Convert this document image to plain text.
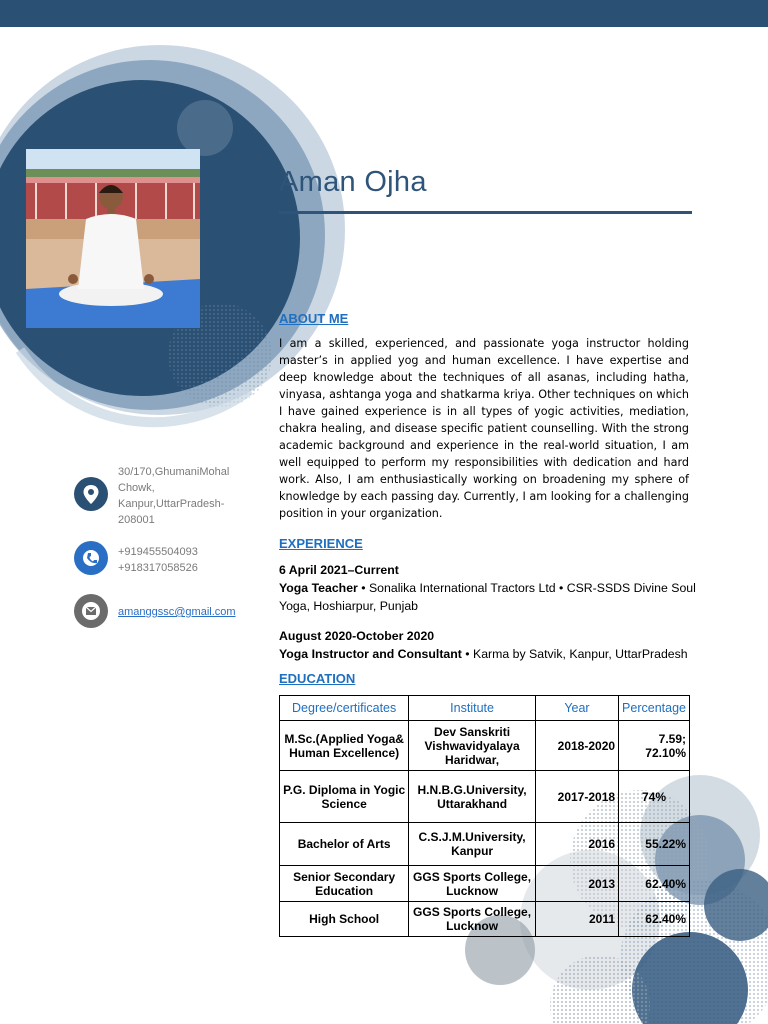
Aman Ojha
30/170,GhumaniMohal
Chowk,
Kanpur,UttarPradesh-
208001
+919455504093
+918317058526
amanggssc@gmail.com
ABOUT ME
I am a skilled, experienced, and passionate yoga instructor holding master’s in applied yog and human excellence. I have expertise and deep knowledge about the techniques of all asanas, including hatha, vinyasa, ashtanga yoga and shatkarma kriya. Other techniques on which I have gained experience is in all types of yogic activities, mediation, chakra healing, and disease specific patient counselling. With the strong academic background and experience in the real-world situation, I am well equipped to perform my responsibilities with dedication and hard work. Also, I am enthusiastically working on broadening my sphere of knowledge by each passing day. Currently, I am looking for a challenging position in your organization.
EXPERIENCE
6 April 2021–Current
Yoga Teacher • Sonalika International Tractors Ltd • CSR-SSDS Divine Soul Yoga, Hoshiarpur, Punjab
August 2020-October 2020
Yoga Instructor and Consultant • Karma by Satvik, Kanpur, UttarPradesh
EDUCATION
Degree/certificates	Institute	Year	Percentage
M.Sc.(Applied Yoga& Human Excellence)	Dev Sanskriti Vishwavidyalaya Haridwar,	2018-2020	7.59; 72.10%
P.G. Diploma in Yogic Science	H.N.B.G.University, Uttarakhand	2017-2018	74%
Bachelor of Arts	C.S.J.M.University, Kanpur	2016	55.22%
Senior Secondary Education	GGS Sports College, Lucknow	2013	62.40%
High School	GGS Sports College, Lucknow	2011	62.40%
